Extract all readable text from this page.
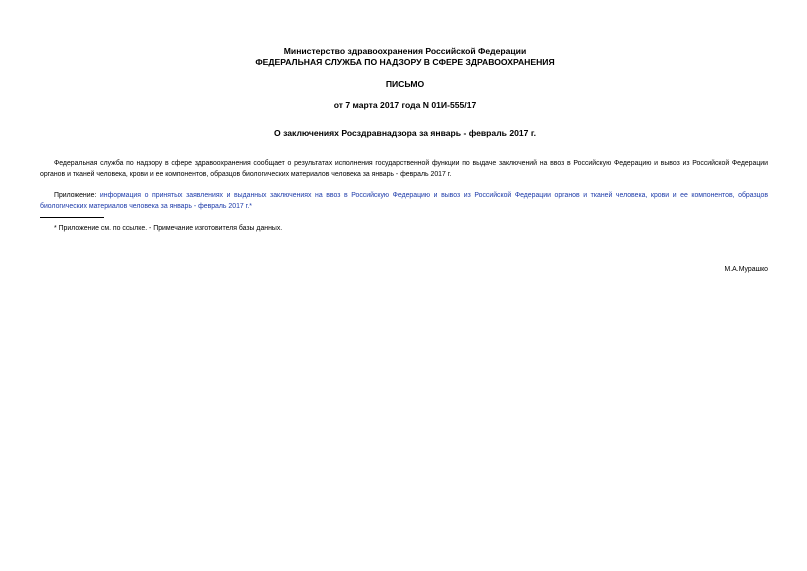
Министерство здравоохранения Российской Федерации
ФЕДЕРАЛЬНАЯ СЛУЖБА ПО НАДЗОРУ В СФЕРЕ ЗДРАВООХРАНЕНИЯ
ПИСЬМО
от 7 марта 2017 года N 01И-555/17
О заключениях Росздравнадзора за январь - февраль 2017 г.

Федеральная служба по надзору в сфере здравоохранения сообщает о результатах исполнения государственной функции по выдаче заключений на ввоз в Российскую Федерацию и вывоз из Российской Федерации органов и тканей человека, крови и ее компонентов, образцов биологических материалов человека за январь - февраль 2017 г.

Приложение: информация о принятых заявлениях и выданных заключениях на ввоз в Российскую Федерацию и вывоз из Российской Федерации органов и тканей человека, крови и ее компонентов, образцов биологических материалов человека за январь - февраль 2017 г.*

* Приложение см. по ссылке. - Примечание изготовителя базы данных.
М.А.Мурашко
